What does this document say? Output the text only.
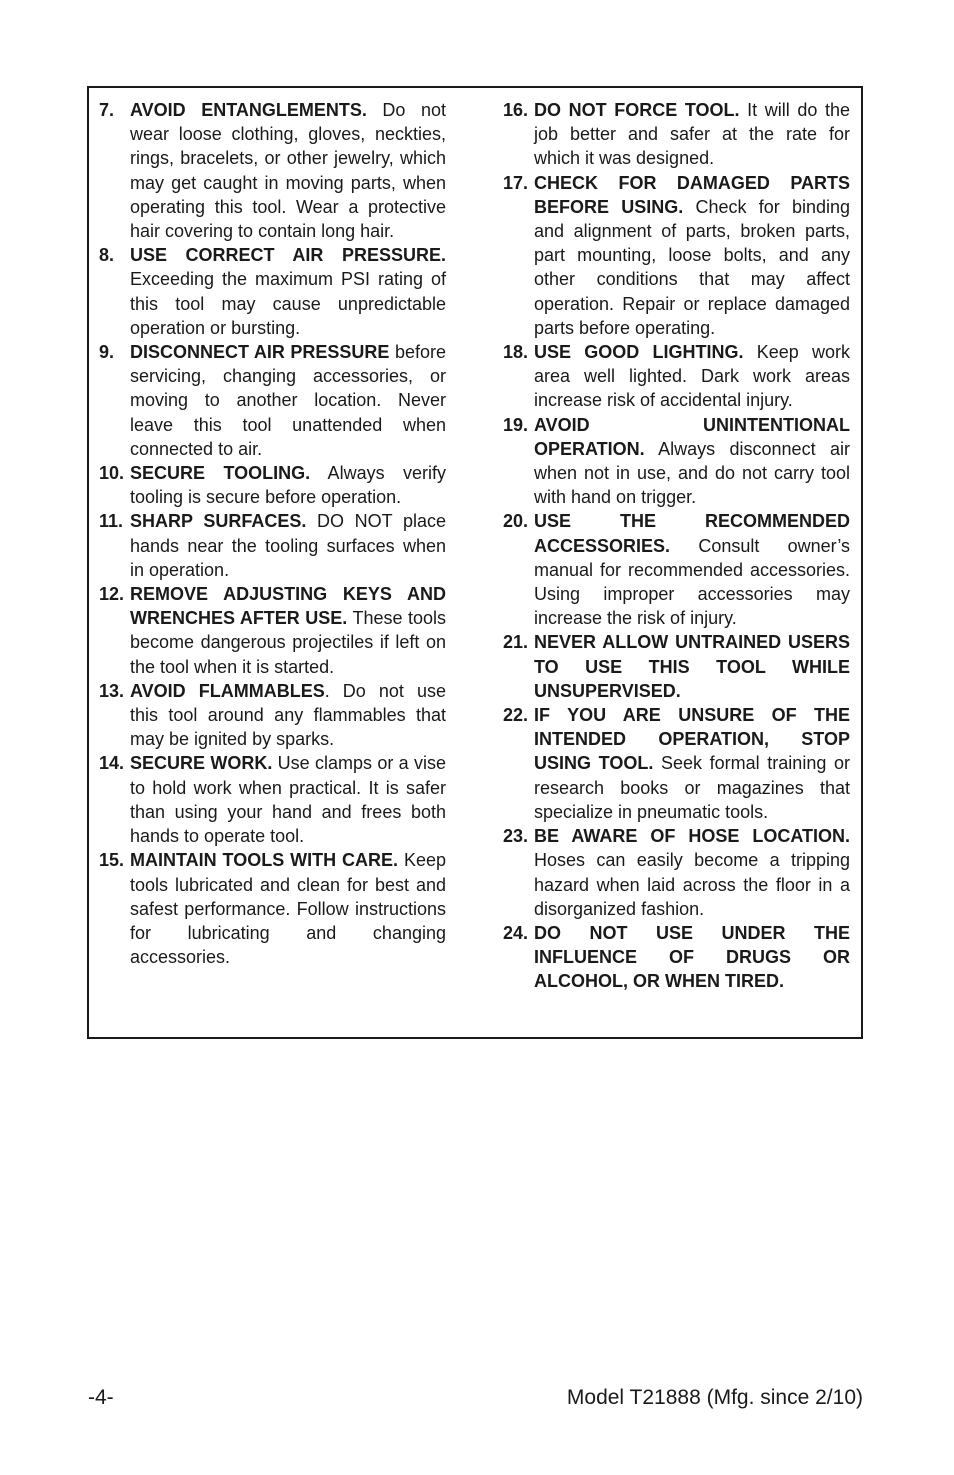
7. AVOID ENTANGLEMENTS. Do not wear loose clothing, gloves, neckties, rings, bracelets, or other jewelry, which may get caught in moving parts, when operating this tool. Wear a protective hair covering to contain long hair.
8. USE CORRECT AIR PRESSURE. Exceeding the maximum PSI rating of this tool may cause unpredictable operation or bursting.
9. DISCONNECT AIR PRESSURE before servicing, changing accessories, or moving to another location. Never leave this tool unattended when connected to air.
10. SECURE TOOLING. Always verify tooling is secure before operation.
11. SHARP SURFACES. DO NOT place hands near the tooling surfaces when in operation.
12. REMOVE ADJUSTING KEYS AND WRENCHES AFTER USE. These tools become dangerous projectiles if left on the tool when it is started.
13. AVOID FLAMMABLES. Do not use this tool around any flammables that may be ignited by sparks.
14. SECURE WORK. Use clamps or a vise to hold work when practical. It is safer than using your hand and frees both hands to operate tool.
15. MAINTAIN TOOLS WITH CARE. Keep tools lubricated and clean for best and safest performance. Follow instructions for lubricating and changing accessories.
16. DO NOT FORCE TOOL. It will do the job better and safer at the rate for which it was designed.
17. CHECK FOR DAMAGED PARTS BEFORE USING. Check for binding and alignment of parts, broken parts, part mounting, loose bolts, and any other conditions that may affect operation. Repair or replace damaged parts before operating.
18. USE GOOD LIGHTING. Keep work area well lighted. Dark work areas increase risk of accidental injury.
19. AVOID UNINTENTIONAL OPERATION. Always disconnect air when not in use, and do not carry tool with hand on trigger.
20. USE THE RECOMMENDED ACCESSORIES. Consult owner’s manual for recommended accessories. Using improper accessories may increase the risk of injury.
21. NEVER ALLOW UNTRAINED USERS TO USE THIS TOOL WHILE UNSUPERVISED.
22. IF YOU ARE UNSURE OF THE INTENDED OPERATION, STOP USING TOOL. Seek formal training or research books or magazines that specialize in pneumatic tools.
23. BE AWARE OF HOSE LOCATION. Hoses can easily become a tripping hazard when laid across the floor in a disorganized fashion.
24. DO NOT USE UNDER THE INFLUENCE OF DRUGS OR ALCOHOL, OR WHEN TIRED.
-4-	Model T21888 (Mfg. since 2/10)
